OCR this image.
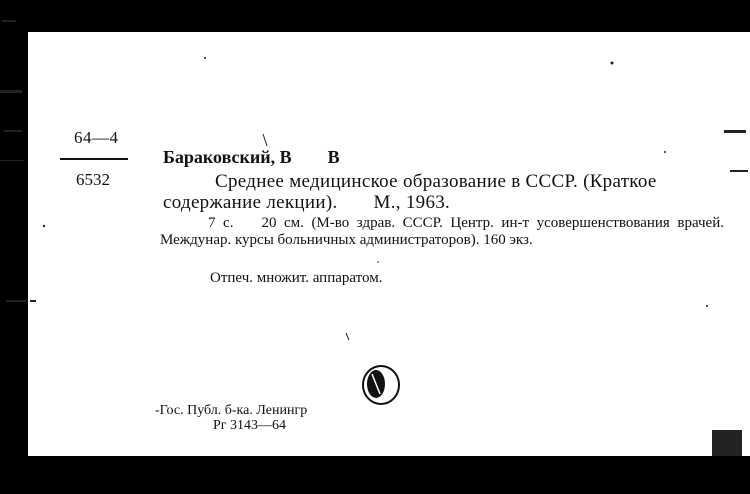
64—4
6532
Бараковский, В        В
Среднее медицинское образование в СССР. (Краткое содержание лекции). М., 1963.
7 с. 20 см. (М-во здрав. СССР. Центр. ин-т усовершенствования врачей. Междунар. курсы больничных администраторов). 160 экз.
Отпеч. множит. аппаратом.
-Гос. Публ. б-ка. Ленингр
Рг 3143—64
